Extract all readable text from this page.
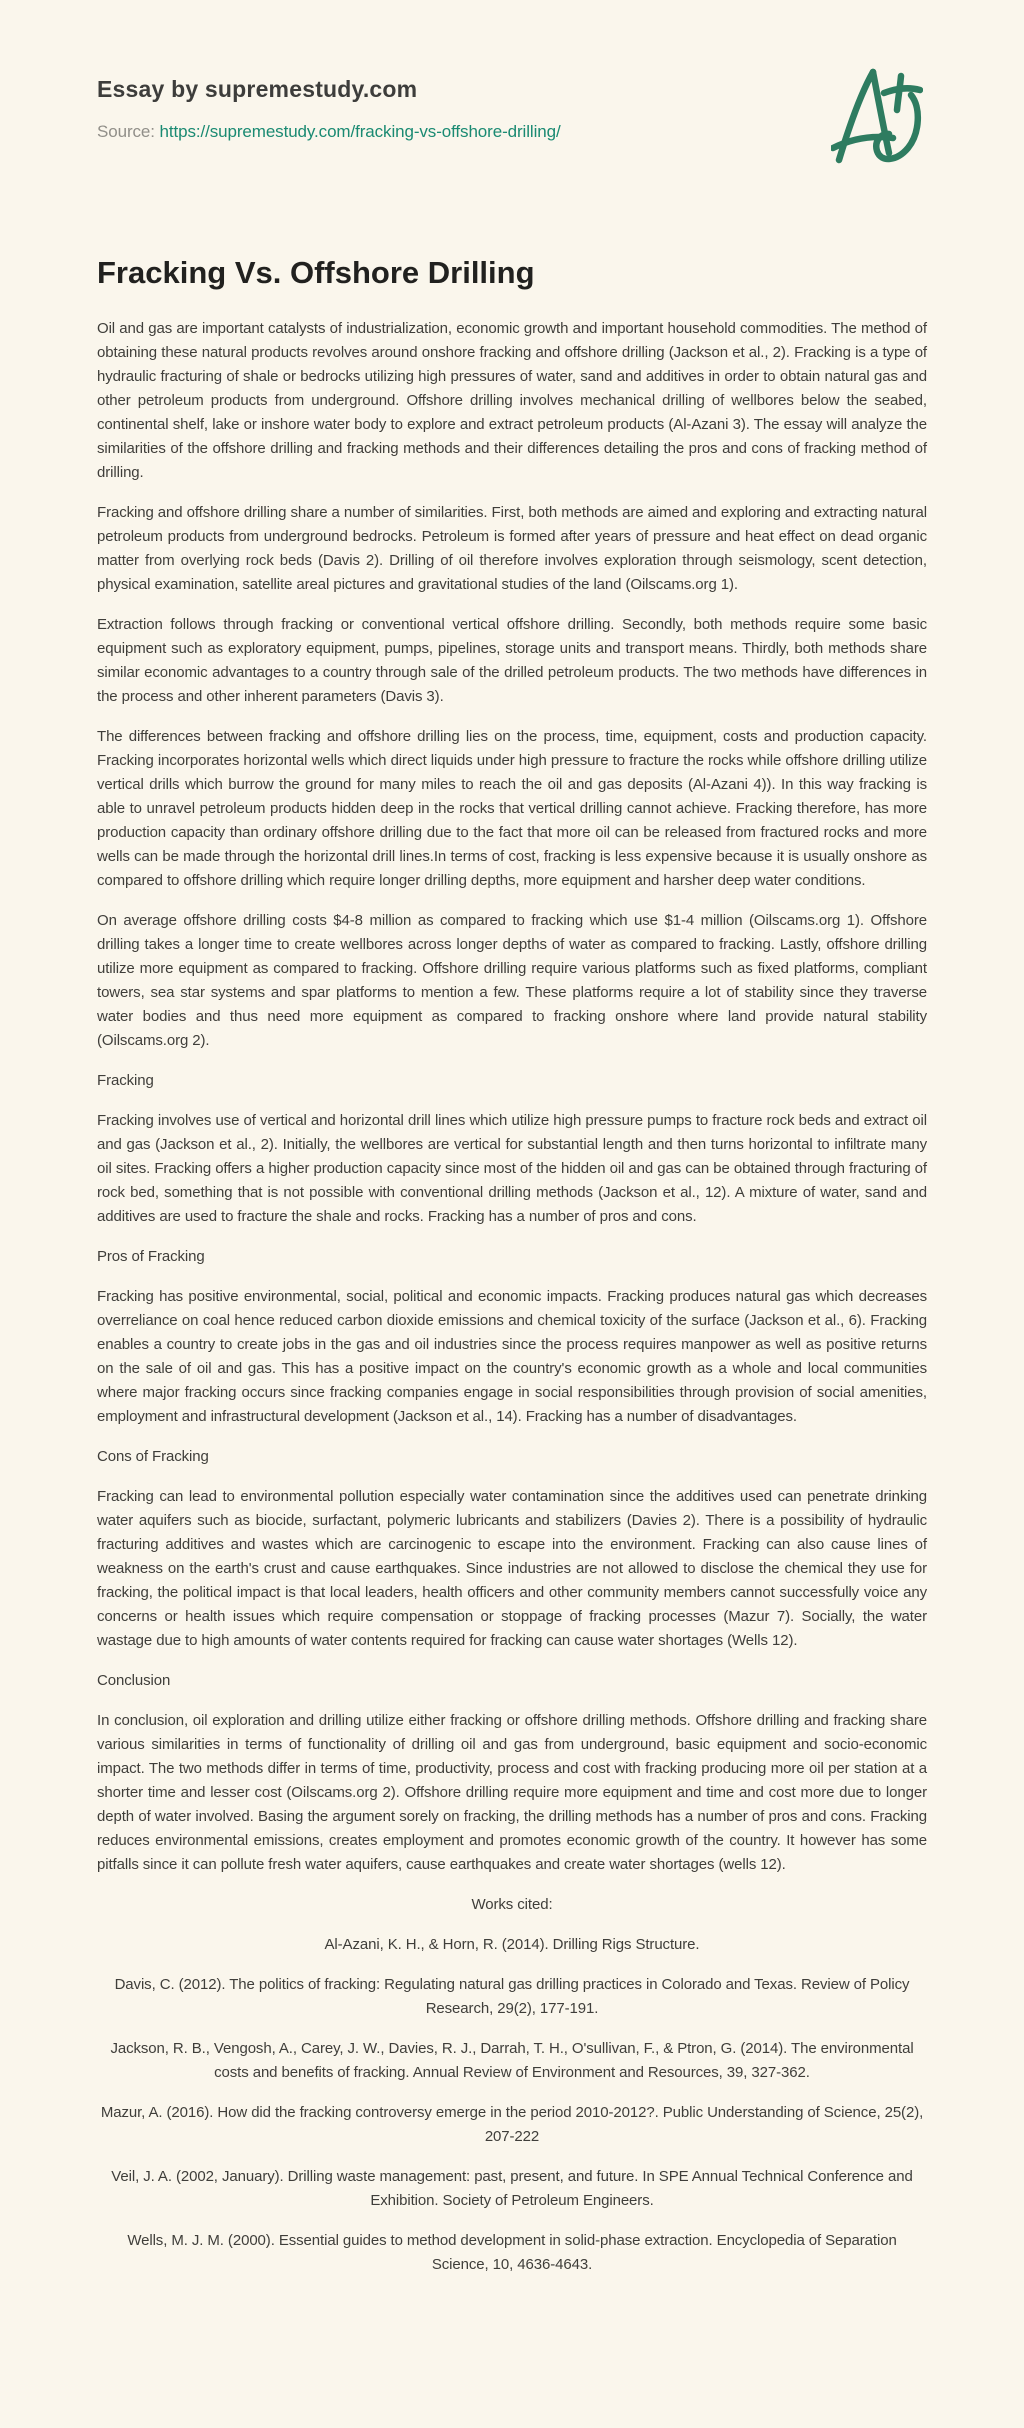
Essay by supremestudy.com

Source: https://supremestudy.com/fracking-vs-offshore-drilling/

Fracking Vs. Offshore Drilling

Oil and gas are important catalysts of industrialization, economic growth and important household commodities. The method of obtaining these natural products revolves around onshore fracking and offshore drilling (Jackson et al., 2). Fracking is a type of hydraulic fracturing of shale or bedrocks utilizing high pressures of water, sand and additives in order to obtain natural gas and other petroleum products from underground. Offshore drilling involves mechanical drilling of wellbores below the seabed, continental shelf, lake or inshore water body to explore and extract petroleum products (Al-Azani 3). The essay will analyze the similarities of the offshore drilling and fracking methods and their differences detailing the pros and cons of fracking method of drilling.

Fracking and offshore drilling share a number of similarities. First, both methods are aimed and exploring and extracting natural petroleum products from underground bedrocks. Petroleum is formed after years of pressure and heat effect on dead organic matter from overlying rock beds (Davis 2). Drilling of oil therefore involves exploration through seismology, scent detection, physical examination, satellite areal pictures and gravitational studies of the land (Oilscams.org 1).

Extraction follows through fracking or conventional vertical offshore drilling. Secondly, both methods require some basic equipment such as exploratory equipment, pumps, pipelines, storage units and transport means. Thirdly, both methods share similar economic advantages to a country through sale of the drilled petroleum products. The two methods have differences in the process and other inherent parameters (Davis 3).

The differences between fracking and offshore drilling lies on the process, time, equipment, costs and production capacity. Fracking incorporates horizontal wells which direct liquids under high pressure to fracture the rocks while offshore drilling utilize vertical drills which burrow the ground for many miles to reach the oil and gas deposits (Al-Azani 4)). In this way fracking is able to unravel petroleum products hidden deep in the rocks that vertical drilling cannot achieve. Fracking therefore, has more production capacity than ordinary offshore drilling due to the fact that more oil can be released from fractured rocks and more wells can be made through the horizontal drill lines.In terms of cost, fracking is less expensive because it is usually onshore as compared to offshore drilling which require longer drilling depths, more equipment and harsher deep water conditions.

On average offshore drilling costs $4-8 million as compared to fracking which use $1-4 million (Oilscams.org 1). Offshore drilling takes a longer time to create wellbores across longer depths of water as compared to fracking. Lastly, offshore drilling utilize more equipment as compared to fracking. Offshore drilling require various platforms such as fixed platforms, compliant towers, sea star systems and spar platforms to mention a few. These platforms require a lot of stability since they traverse water bodies and thus need more equipment as compared to fracking onshore where land provide natural stability (Oilscams.org 2).

Fracking

Fracking involves use of vertical and horizontal drill lines which utilize high pressure pumps to fracture rock beds and extract oil and gas (Jackson et al., 2). Initially, the wellbores are vertical for substantial length and then turns horizontal to infiltrate many oil sites. Fracking offers a higher production capacity since most of the hidden oil and gas can be obtained through fracturing of rock bed, something that is not possible with conventional drilling methods (Jackson et al., 12). A mixture of water, sand and additives are used to fracture the shale and rocks. Fracking has a number of pros and cons.

Pros of Fracking

Fracking has positive environmental, social, political and economic impacts. Fracking produces natural gas which decreases overreliance on coal hence reduced carbon dioxide emissions and chemical toxicity of the surface (Jackson et al., 6). Fracking enables a country to create jobs in the gas and oil industries since the process requires manpower as well as positive returns on the sale of oil and gas. This has a positive impact on the country's economic growth as a whole and local communities where major fracking occurs since fracking companies engage in social responsibilities through provision of social amenities, employment and infrastructural development (Jackson et al., 14). Fracking has a number of disadvantages.

Cons of Fracking

Fracking can lead to environmental pollution especially water contamination since the additives used can penetrate drinking water aquifers such as biocide, surfactant, polymeric lubricants and stabilizers (Davies 2). There is a possibility of hydraulic fracturing additives and wastes which are carcinogenic to escape into the environment. Fracking can also cause lines of weakness on the earth's crust and cause earthquakes. Since industries are not allowed to disclose the chemical they use for fracking, the political impact is that local leaders, health officers and other community members cannot successfully voice any concerns or health issues which require compensation or stoppage of fracking processes (Mazur 7). Socially, the water wastage due to high amounts of water contents required for fracking can cause water shortages (Wells 12).

Conclusion

In conclusion, oil exploration and drilling utilize either fracking or offshore drilling methods. Offshore drilling and fracking share various similarities in terms of functionality of drilling oil and gas from underground, basic equipment and socio-economic impact. The two methods differ in terms of time, productivity, process and cost with fracking producing more oil per station at a shorter time and lesser cost (Oilscams.org 2). Offshore drilling require more equipment and time and cost more due to longer depth of water involved. Basing the argument sorely on fracking, the drilling methods has a number of pros and cons. Fracking reduces environmental emissions, creates employment and promotes economic growth of the country. It however has some pitfalls since it can pollute fresh water aquifers, cause earthquakes and create water shortages (wells 12).

Works cited:

Al-Azani, K. H., & Horn, R. (2014). Drilling Rigs Structure.

Davis, C. (2012). The politics of fracking: Regulating natural gas drilling practices in Colorado and Texas. Review of Policy Research, 29(2), 177-191.

Jackson, R. B., Vengosh, A., Carey, J. W., Davies, R. J., Darrah, T. H., O'sullivan, F., & Ptron, G. (2014). The environmental costs and benefits of fracking. Annual Review of Environment and Resources, 39, 327-362.

Mazur, A. (2016). How did the fracking controversy emerge in the period 2010-2012?. Public Understanding of Science, 25(2), 207-222

Veil, J. A. (2002, January). Drilling waste management: past, present, and future. In SPE Annual Technical Conference and Exhibition. Society of Petroleum Engineers.

Wells, M. J. M. (2000). Essential guides to method development in solid-phase extraction. Encyclopedia of Separation Science, 10, 4636-4643.
